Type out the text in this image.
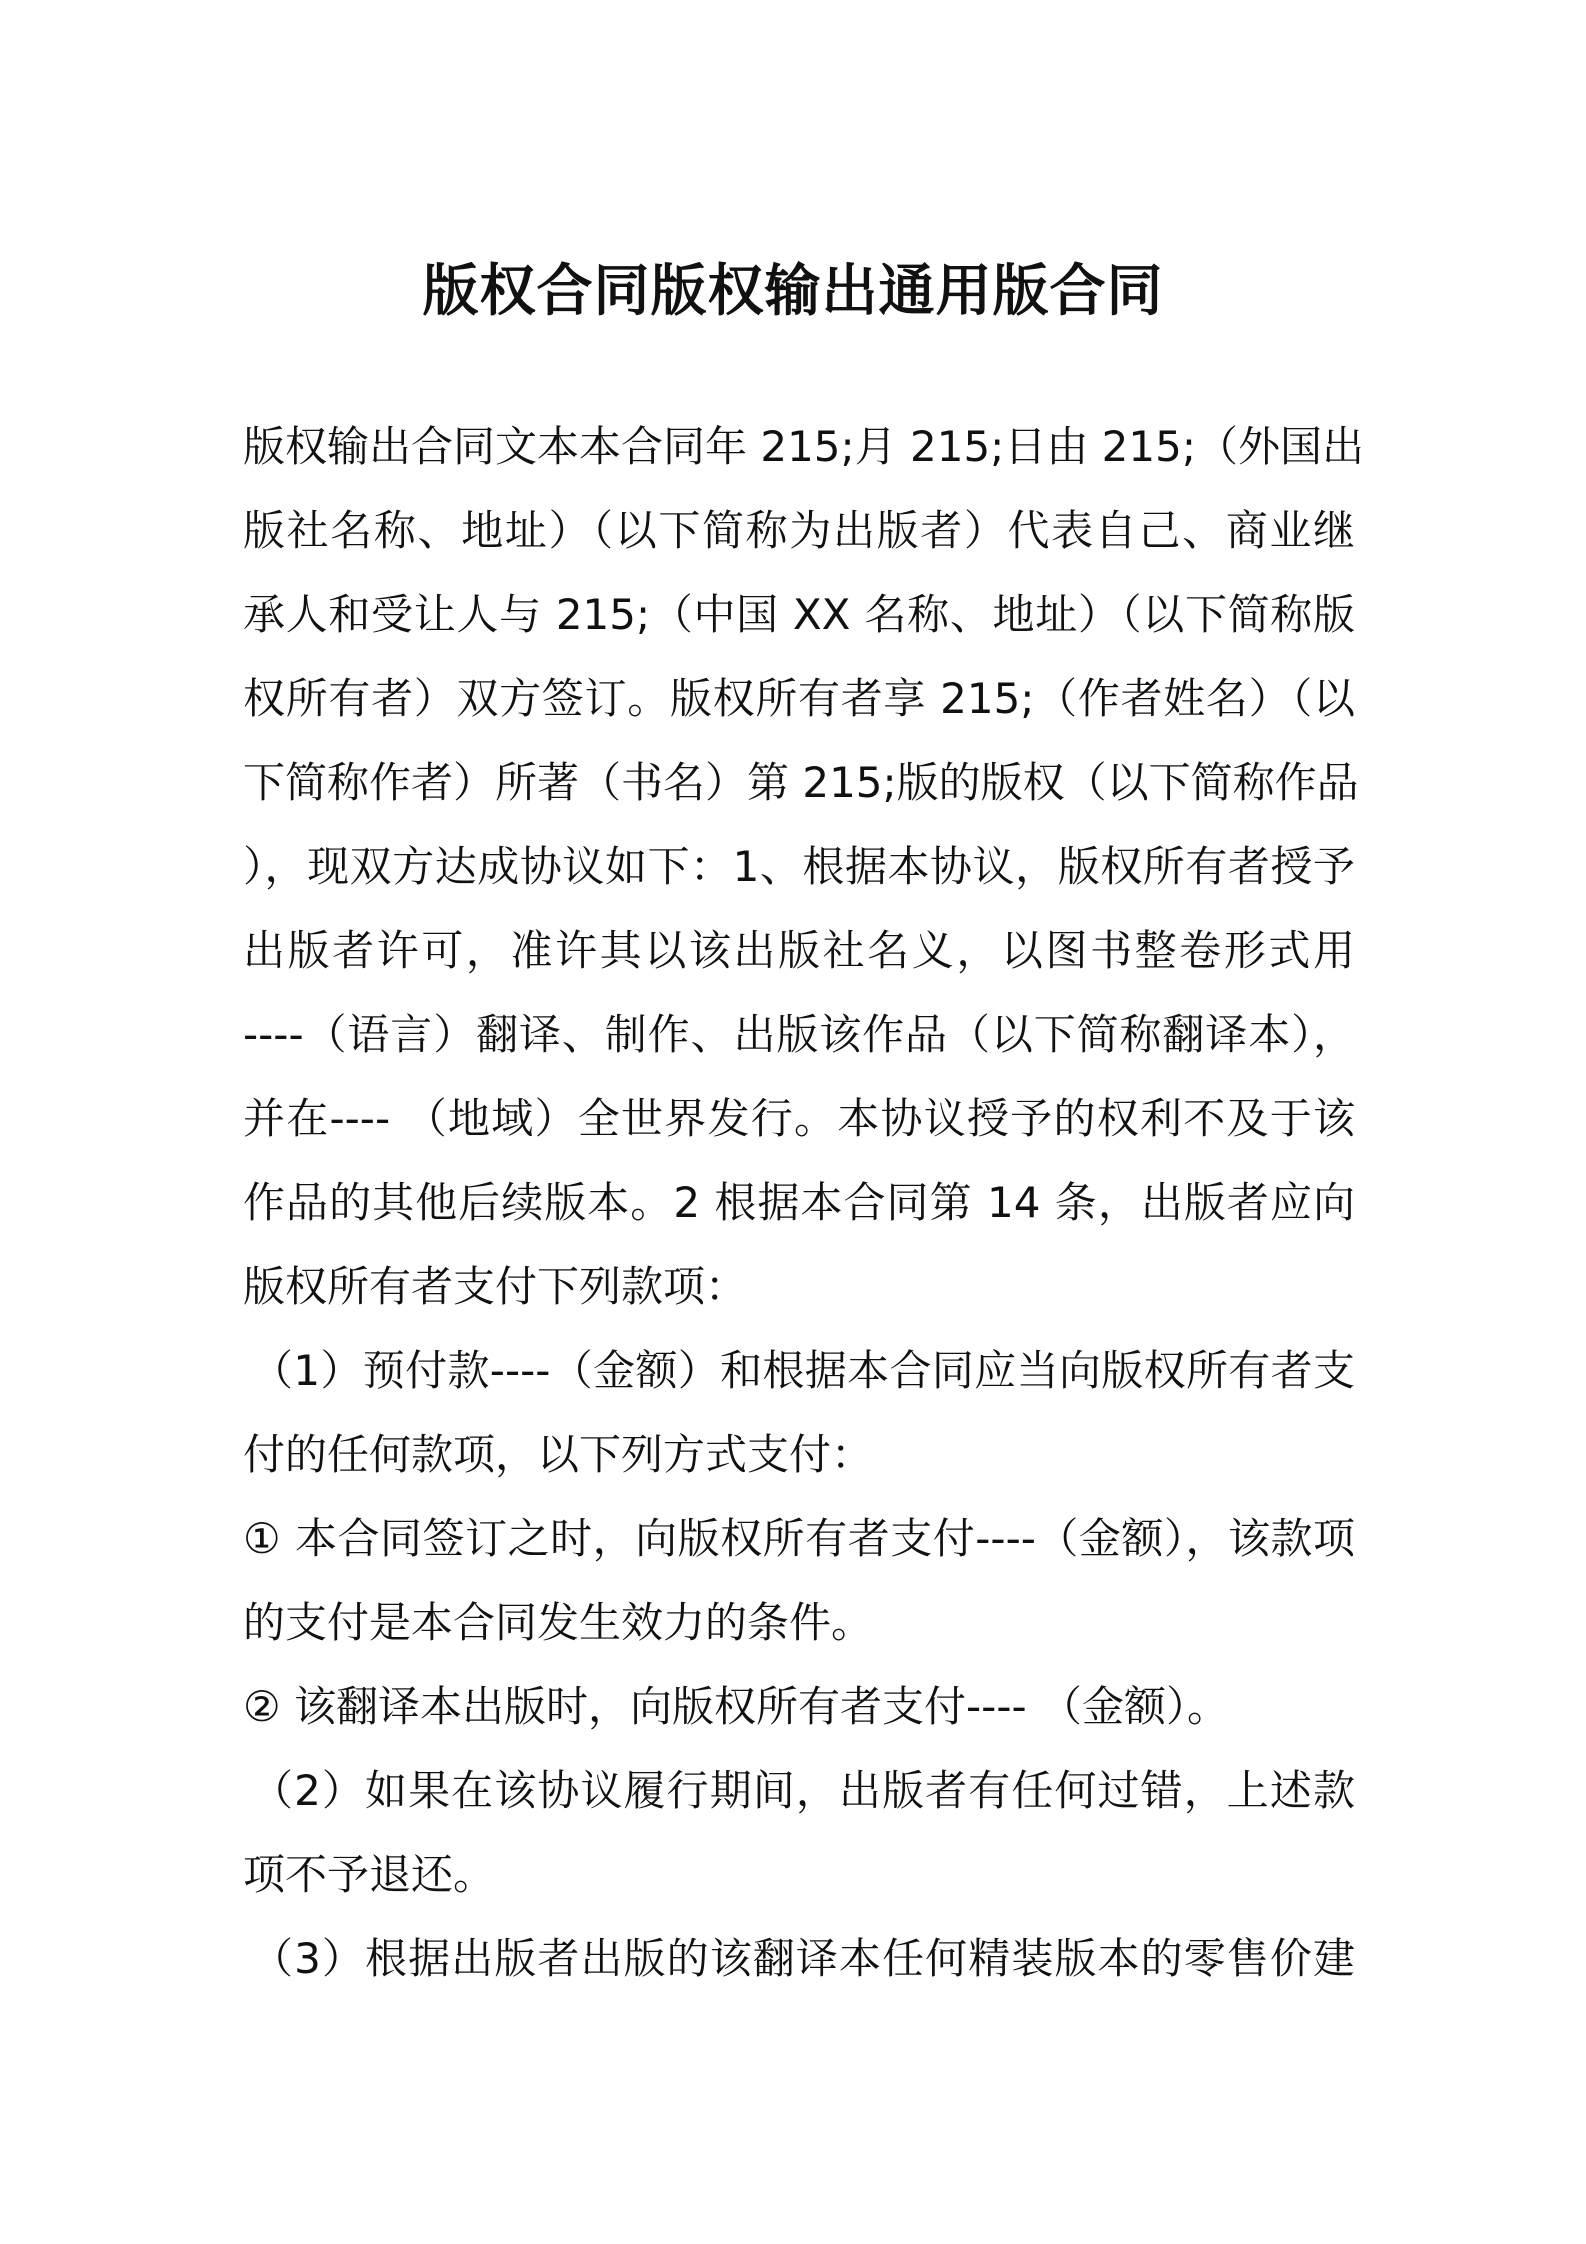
版权合同版权输出通用版合同
版权输出合同文本本合同年 215;月 215;日由 215;（外国出
版社名称、地址）（以下简称为出版者）代表自己、商业继
承人和受让人与 215;（中国 XX 名称、地址）（以下简称版
权所有者）双方签订。版权所有者享 215;（作者姓名）（以
下简称作者）所著（书名）第 215;版的版权（以下简称作品
），现双方达成协议如下：1、根据本协议，版权所有者授予
出版者许可，准许其以该出版社名义，以图书整卷形式用
----（语言）翻译、制作、出版该作品（以下简称翻译本），
并在---- （地域）全世界发行。本协议授予的权利不及于该
作品的其他后续版本。2 根据本合同第 14 条，出版者应向
版权所有者支付下列款项：
（1）预付款----（金额）和根据本合同应当向版权所有者支
付的任何款项，以下列方式支付：
① 本合同签订之时，向版权所有者支付----（金额），该款项
的支付是本合同发生效力的条件。
② 该翻译本出版时，向版权所有者支付---- （金额）。
（2）如果在该协议履行期间，出版者有任何过错，上述款
项不予退还。
（3）根据出版者出版的该翻译本任何精装版本的零售价建
